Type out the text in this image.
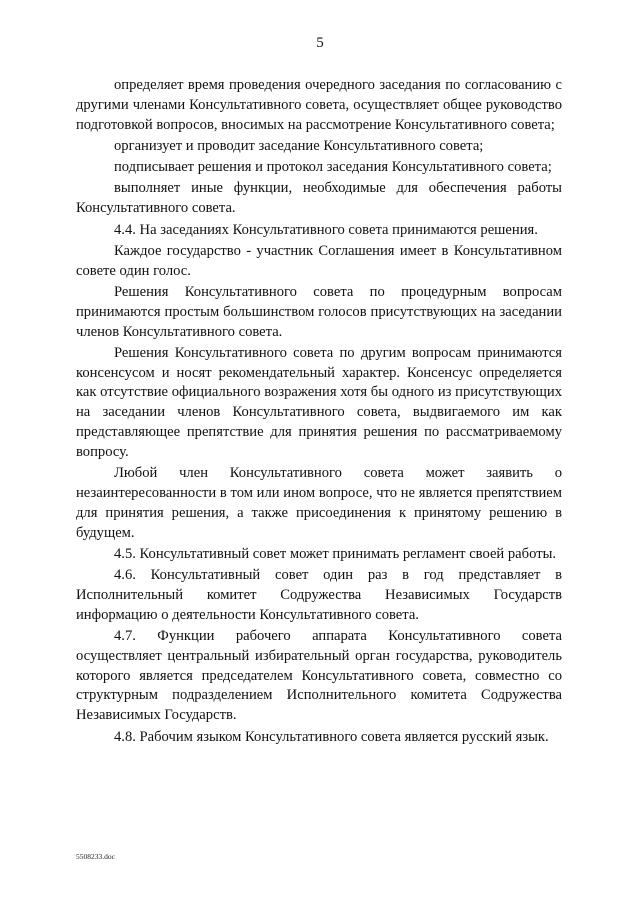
5

определяет время проведения очередного заседания по согласованию с другими членами Консультативного совета, осуществляет общее руководство подготовкой вопросов, вносимых на рассмотрение Консультативного совета;

организует и проводит заседание Консультативного совета;

подписывает решения и протокол заседания Консультативного совета;

выполняет иные функции, необходимые для обеспечения работы Консультативного совета.

4.4. На заседаниях Консультативного совета принимаются решения.

Каждое государство - участник Соглашения имеет в Консультативном совете один голос.

Решения Консультативного совета по процедурным вопросам принимаются простым большинством голосов присутствующих на заседании членов Консультативного совета.

Решения Консультативного совета по другим вопросам принимаются консенсусом и носят рекомендательный характер. Консенсус определяется как отсутствие официального возражения хотя бы одного из присутствующих на заседании членов Консультативного совета, выдвигаемого им как представляющее препятствие для принятия решения по рассматриваемому вопросу.

Любой член Консультативного совета может заявить о незаинтересованности в том или ином вопросе, что не является препятствием для принятия решения, а также присоединения к принятому решению в будущем.

4.5. Консультативный совет может принимать регламент своей работы.

4.6. Консультативный совет один раз в год представляет в Исполнительный комитет Содружества Независимых Государств информацию о деятельности Консультативного совета.

4.7. Функции рабочего аппарата Консультативного совета осуществляет центральный избирательный орган государства, руководитель которого является председателем Консультативного совета, совместно со структурным подразделением Исполнительного комитета Содружества Независимых Государств.

4.8. Рабочим языком Консультативного совета является русский язык.

5508233.doc
